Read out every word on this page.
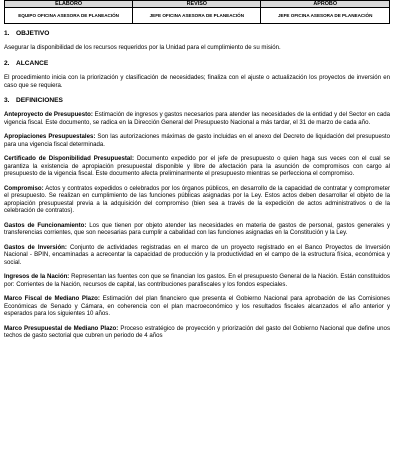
ELABORO	REVISO	APROBO
EQUIPO OFICINA ASESORA DE PLANEACIÓN	JEFE OFICINA ASESORA DE PLANEACIÓN	JEFE OFICINA ASESORA DE PLANEACIÓN
1. OBJETIVO

Asegurar la disponibilidad de los recursos requeridos por la Unidad para el cumplimiento de su misión.

2. ALCANCE

El procedimiento inicia con la priorización y clasificación de necesidades; finaliza con el ajuste o actualización los proyectos de inversión en caso que se requiera.

3. DEFINICIONES

Anteproyecto de Presupuesto: Estimación de ingresos y gastos necesarios para atender las necesidades de la entidad y del Sector en cada vigencia fiscal. Este documento, se radica en la Dirección General del Presupuesto Nacional a más tardar, el 31 de marzo de cada año.

Apropiaciones Presupuestales: Son las autorizaciones máximas de gasto incluidas en el anexo del Decreto de liquidación del presupuesto para una vigencia fiscal determinada.

Certificado de Disponibilidad Presupuestal: Documento expedido por el jefe de presupuesto o quien haga sus veces con el cual se garantiza la existencia de apropiación presupuestal disponible y libre de afectación para la asunción de compromisos con cargo al presupuesto de la vigencia fiscal. Este documento afecta preliminarmente el presupuesto mientras se perfecciona el compromiso.

Compromiso: Actos y contratos expedidos o celebrados por los órganos públicos, en desarrollo de la capacidad de contratar y comprometer el presupuesto. Se realizan en cumplimiento de las funciones públicas asignadas por la Ley. Estos actos deben desarrollar el objeto de la apropiación presupuestal previa a la adquisición del compromiso (bien sea a través de la expedición de actos administrativos o de la celebración de contratos).

Gastos de Funcionamiento: Los que tienen por objeto atender las necesidades en materia de gastos de personal, gastos generales y transferencias corrientes, que son necesarias para cumplir a cabalidad con las funciones asignadas en la Constitución y la Ley.

Gastos de Inversión: Conjunto de actividades registradas en el marco de un proyecto registrado en el Banco Proyectos de Inversión Nacional - BPIN, encaminadas a acrecentar la capacidad de producción y la productividad en el campo de la estructura física, económica y social.

Ingresos de la Nación: Representan las fuentes con que se financian los gastos. En el presupuesto General de la Nación. Están constituidos por: Corrientes de la Nación, recursos de capital, las contribuciones parafiscales y los fondos especiales.

Marco Fiscal de Mediano Plazo: Estimación del plan financiero que presenta el Gobierno Nacional para aprobación de las Comisiones Económicas de Senado y Cámara, en coherencia con el plan macroeconómico y los resultados fiscales alcanzados el año anterior y esperados para los siguientes 10 años.

Marco Presupuestal de Mediano Plazo: Proceso estratégico de proyección y priorización del gasto del Gobierno Nacional que define unos techos de gasto sectorial que cubren un periodo de 4 años
